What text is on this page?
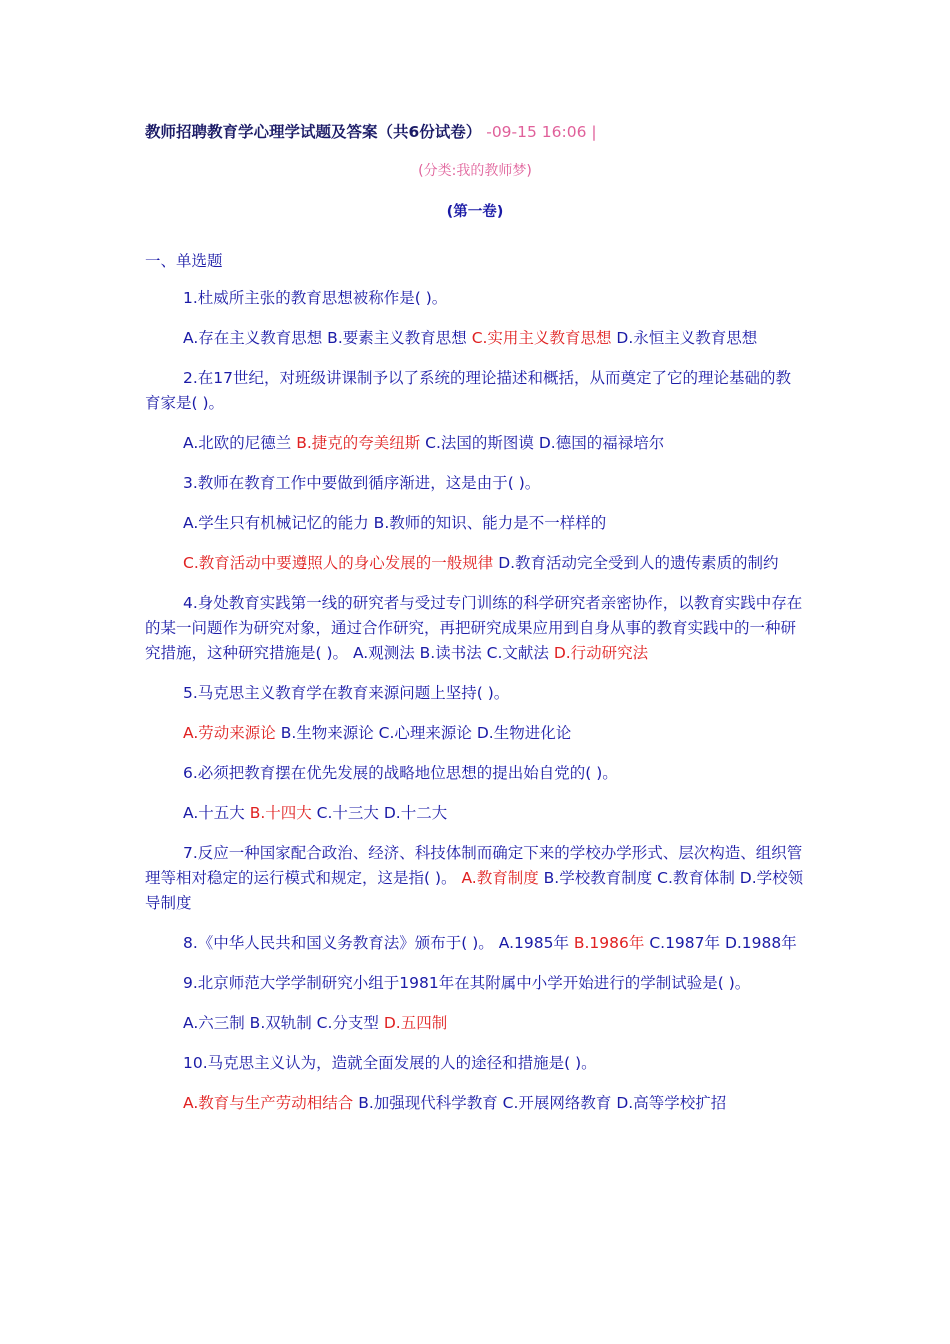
教师招聘教育学心理学试题及答案（共6份试卷） -09-15 16:06 |

(分类:我的教师梦)

(第一卷)

一、单选题

1.杜威所主张的教育思想被称作是( )。

A.存在主义教育思想 B.要素主义教育思想 C.实用主义教育思想 D.永恒主义教育思想

2.在17世纪，对班级讲课制予以了系统的理论描述和概括，从而奠定了它的理论基础的教育家是( )。

A.北欧的尼德兰 B.捷克的夸美纽斯 C.法国的斯图谟 D.德国的福禄培尔

3.教师在教育工作中要做到循序渐进，这是由于( )。

A.学生只有机械记忆的能力 B.教师的知识、能力是不一样样的

C.教育活动中要遵照人的身心发展的一般规律 D.教育活动完全受到人的遗传素质的制约

4.身处教育实践第一线的研究者与受过专门训练的科学研究者亲密协作，以教育实践中存在的某一问题作为研究对象，通过合作研究，再把研究成果应用到自身从事的教育实践中的一种研究措施，这种研究措施是( )。 A.观测法 B.读书法 C.文献法 D.行动研究法

5.马克思主义教育学在教育来源问题上坚持( )。

A.劳动来源论 B.生物来源论 C.心理来源论 D.生物进化论

6.必须把教育摆在优先发展的战略地位思想的提出始自党的( )。

A.十五大 B.十四大 C.十三大 D.十二大

7.反应一种国家配合政治、经济、科技体制而确定下来的学校办学形式、层次构造、组织管理等相对稳定的运行模式和规定，这是指( )。 A.教育制度 B.学校教育制度 C.教育体制 D.学校领导制度

8.《中华人民共和国义务教育法》颁布于( )。 A.1985年 B.1986年 C.1987年 D.1988年

9.北京师范大学学制研究小组于1981年在其附属中小学开始进行的学制试验是( )。

A.六三制 B.双轨制 C.分支型 D.五四制

10.马克思主义认为，造就全面发展的人的途径和措施是( )。

A.教育与生产劳动相结合 B.加强现代科学教育 C.开展网络教育 D.高等学校扩招
